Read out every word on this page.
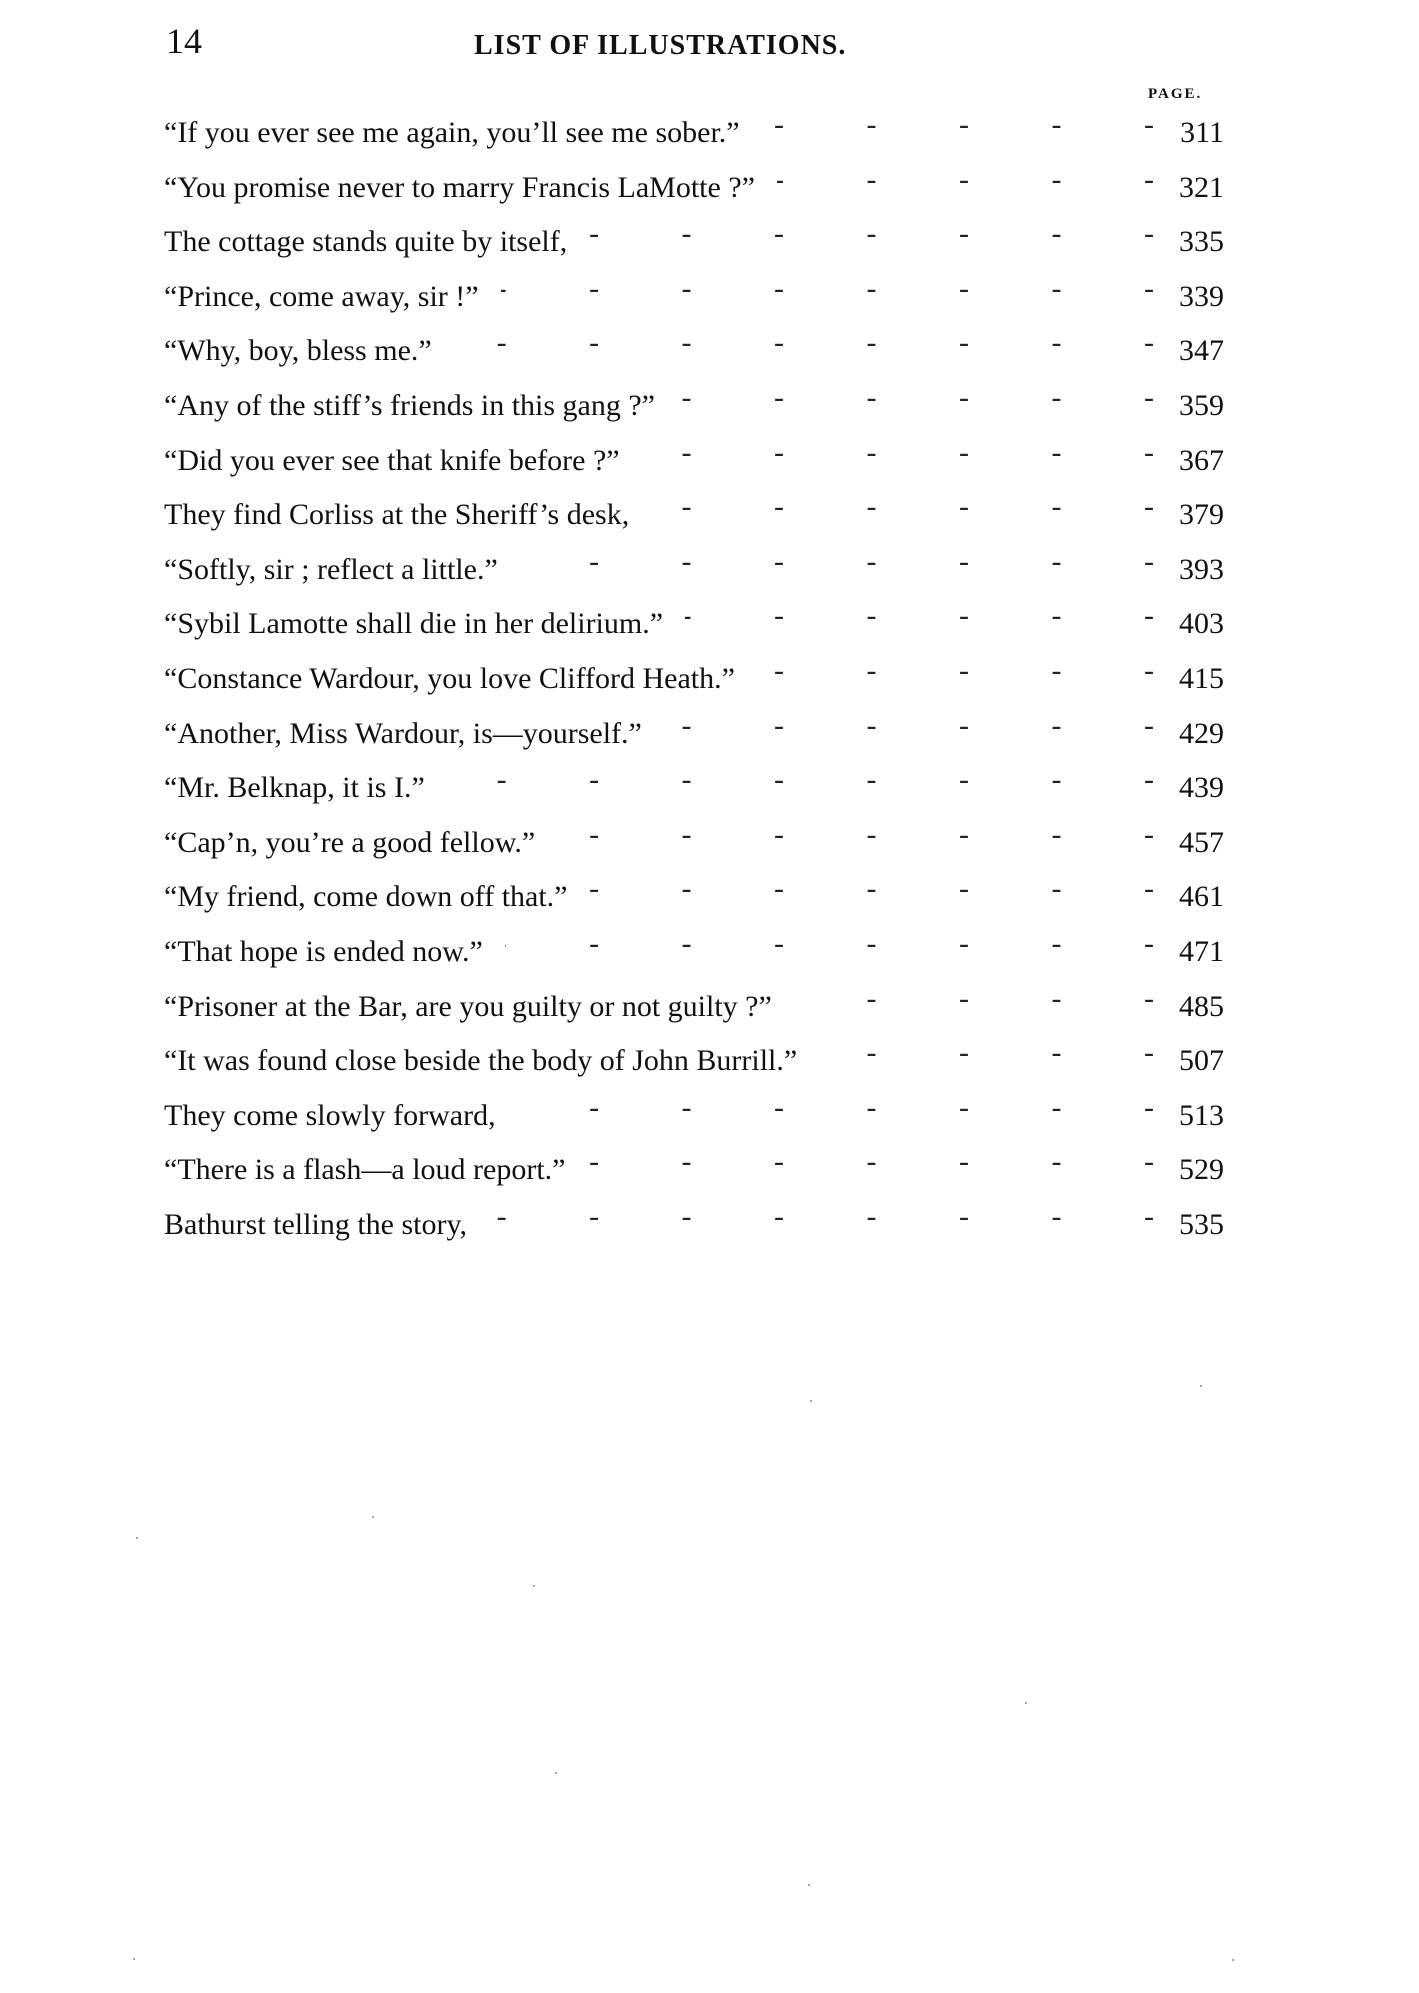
14	LIST OF ILLUSTRATIONS.
PAGE.
“If you ever see me again, you’ll see me sober.” -	311
“You promise never to marry Francis LaMotte ?” -	321
The cottage stands quite by itself, -	335
“Prince, come away, sir !” -	339
“Why, boy, bless me.” -	347
“Any of the stiff’s friends in this gang ?” -	359
“Did you ever see that knife before ?” -	367
They find Corliss at the Sheriff’s desk, -	379
“Softly, sir ; reflect a little.” -	393
“Sybil Lamotte shall die in her delirium.” -	403
“Constance Wardour, you love Clifford Heath.” -	415
“Another, Miss Wardour, is—yourself.” -	429
“Mr. Belknap, it is I.” -	439
“Cap’n, you’re a good fellow.” -	457
“My friend, come down off that.” -	461
“That hope is ended now.” -	471
“Prisoner at the Bar, are you guilty or not guilty ?” -	485
“It was found close beside the body of John Burrill.” -	507
They come slowly forward, -	513
“There is a flash—a loud report.” -	529
Bathurst telling the story, -	535
